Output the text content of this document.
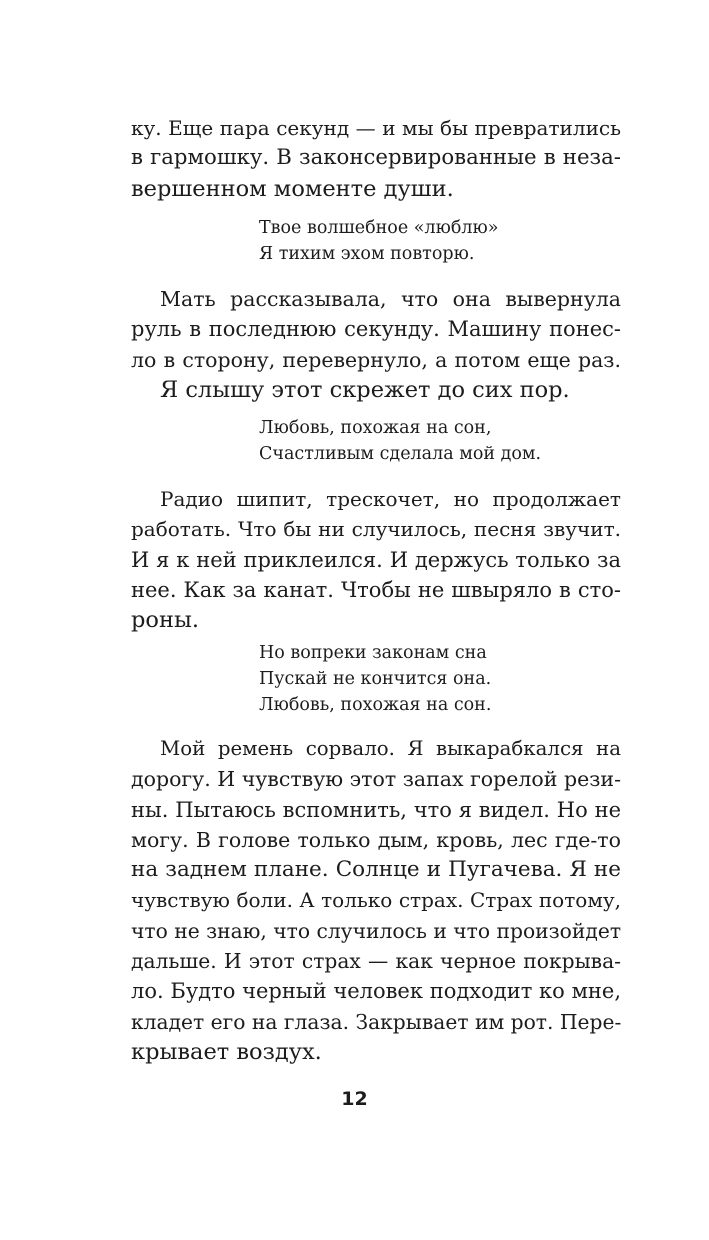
ку. Еще пара секунд — и мы бы превратились
в гармошку. В законсервированные в неза-
вершенном моменте души.
Твое волшебное «люблю»
Я тихим эхом повторю.
Мать рассказывала, что она вывернула
руль в последнюю секунду. Машину понес-
ло в сторону, перевернуло, а потом еще раз.
Я слышу этот скрежет до сих пор.
Любовь, похожая на сон,
Счастливым сделала мой дом.
Радио шипит, трескочет, но продолжает
работать. Что бы ни случилось, песня звучит.
И я к ней приклеился. И держусь только за
нее. Как за канат. Чтобы не швыряло в сто-
роны.
Но вопреки законам сна
Пускай не кончится она.
Любовь, похожая на сон.
Мой ремень сорвало. Я выкарабкался на
дорогу. И чувствую этот запах горелой рези-
ны. Пытаюсь вспомнить, что я видел. Но не
могу. В голове только дым, кровь, лес где-то
на заднем плане. Солнце и Пугачева. Я не
чувствую боли. А только страх. Страх потому,
что не знаю, что случилось и что произойдет
дальше. И этот страх — как черное покрыва-
ло. Будто черный человек подходит ко мне,
кладет его на глаза. Закрывает им рот. Пере-
крывает воздух.
12
